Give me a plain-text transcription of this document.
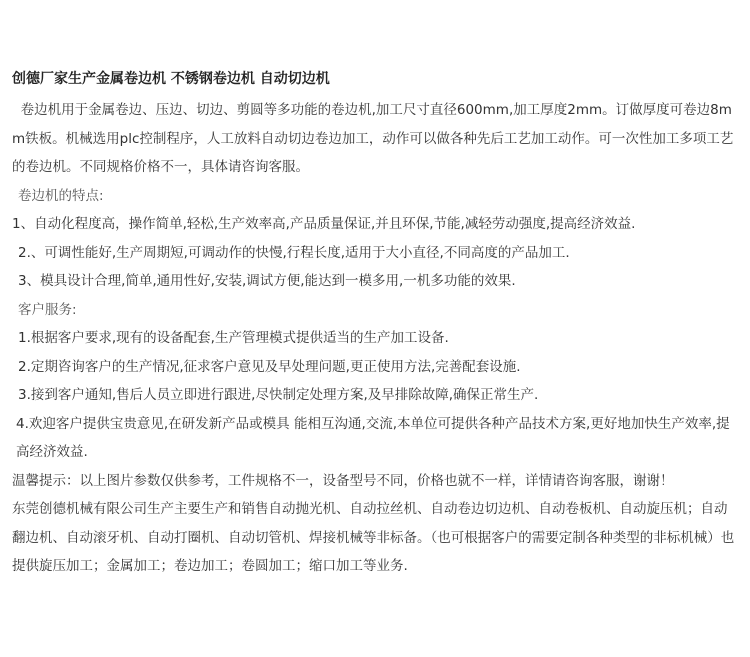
创德厂家生产金属卷边机 不锈钢卷边机 自动切边机

卷边机用于金属卷边、压边、切边、剪圆等多功能的卷边机,加工尺寸直径600mm,加工厚度2mm。订做厚度可卷边8mm铁板。机械选用plc控制程序，人工放料自动切边卷边加工，动作可以做各种先后工艺加工动作。可一次性加工多项工艺的卷边机。不同规格价格不一，具体请咨询客服。

卷边机的特点:
1、自动化程度高，操作简单,轻松,生产效率高,产品质量保证,并且环保,节能,减轻劳动强度,提高经济效益.
2.、可调性能好,生产周期短,可调动作的快慢,行程长度,适用于大小直径,不同高度的产品加工.
3、模具设计合理,简单,通用性好,安装,调试方便,能达到一模多用,一机多功能的效果.
客户服务:
1.根据客户要求,现有的设备配套,生产管理模式提供适当的生产加工设备.
2.定期咨询客户的生产情况,征求客户意见及早处理问题,更正使用方法,完善配套设施.
3.接到客户通知,售后人员立即进行跟进,尽快制定处理方案,及早排除故障,确保正常生产.

4.欢迎客户提供宝贵意见,在研发新产品或模具 能相互沟通,交流,本单位可提供各种产品技术方案,更好地加快生产效率,提高经济效益.

温馨提示：以上图片参数仅供参考，工件规格不一，设备型号不同，价格也就不一样，详情请咨询客服，谢谢！

东莞创德机械有限公司生产主要生产和销售自动抛光机、自动拉丝机、自动卷边切边机、自动卷板机、自动旋压机；自动翻边机、自动滚牙机、自动打圈机、自动切管机、焊接机械等非标备。（也可根据客户的需要定制各种类型的非标机械）也提供旋压加工；金属加工；卷边加工；卷圆加工；缩口加工等业务.
